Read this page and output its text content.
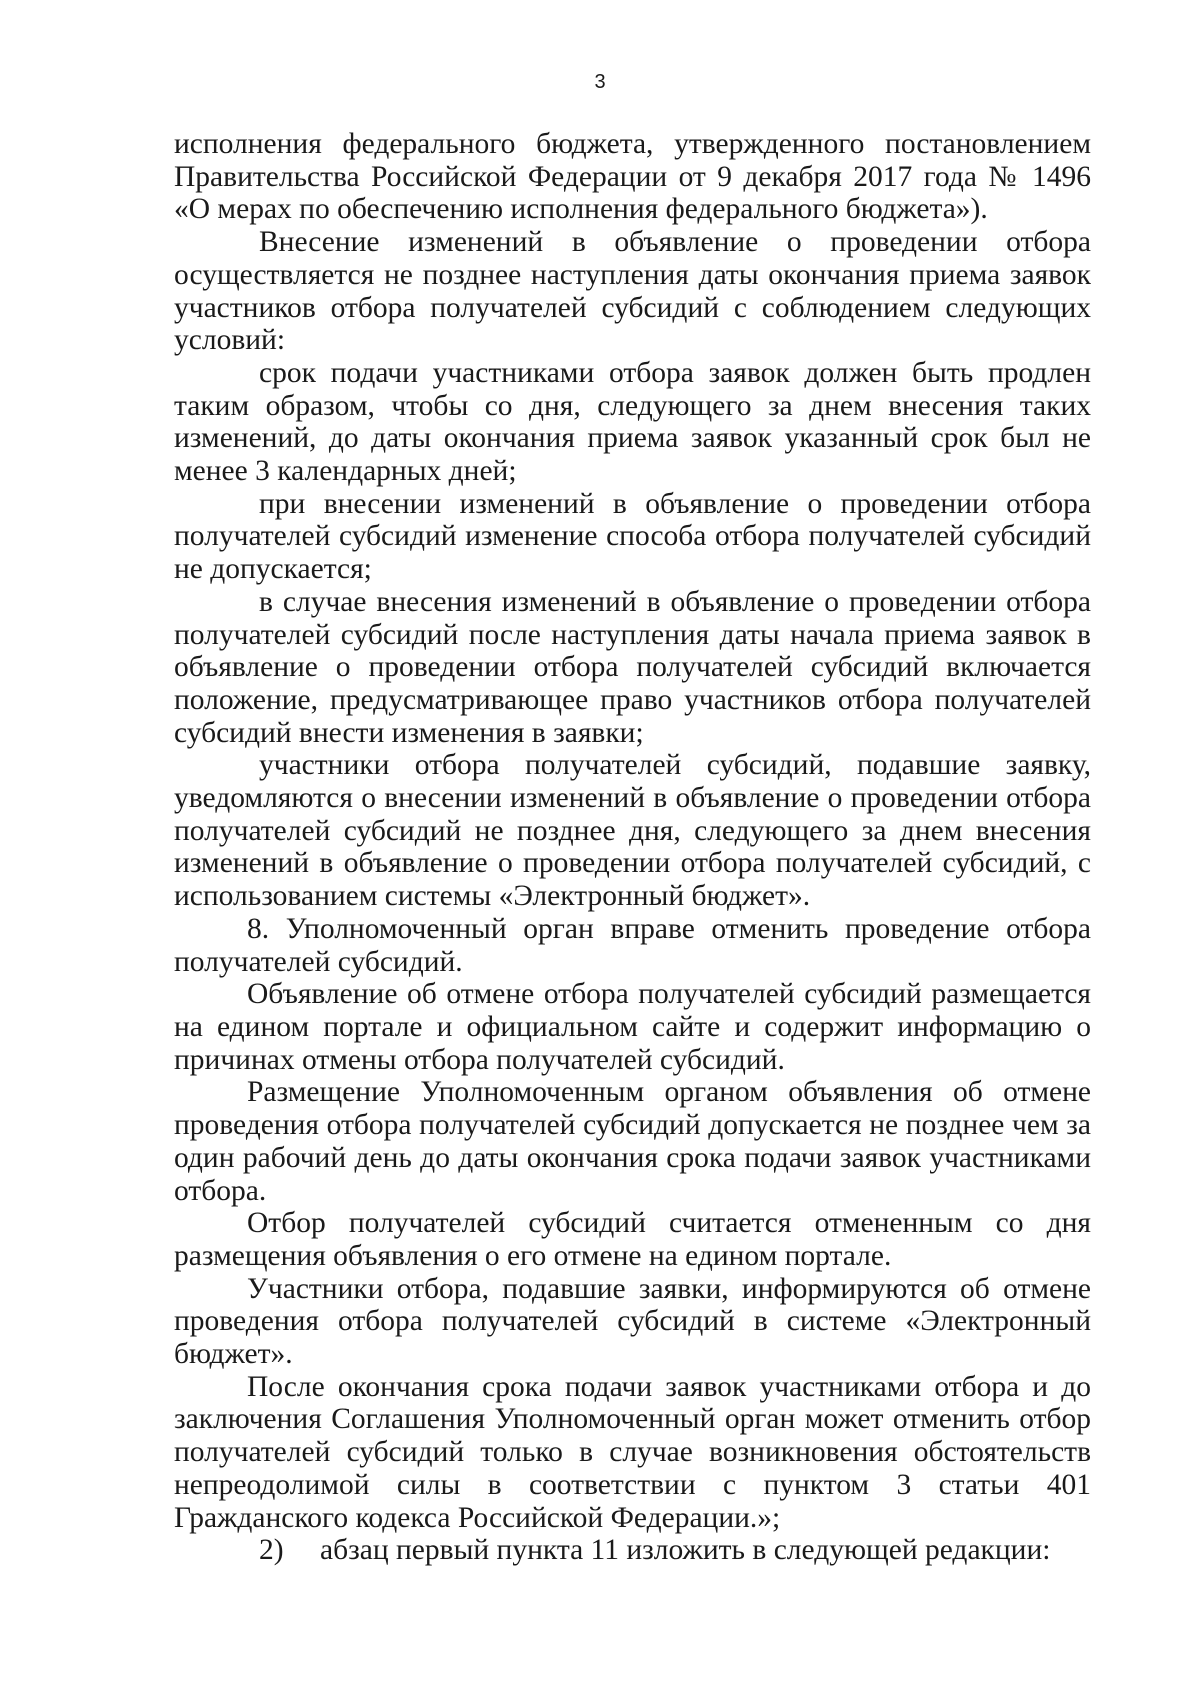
3

исполнения федерального бюджета, утвержденного постановлением Правительства Российской Федерации от 9 декабря 2017 года № 1496 «О мерах по обеспечению исполнения федерального бюджета»).

Внесение изменений в объявление о проведении отбора осуществляется не позднее наступления даты окончания приема заявок участников отбора получателей субсидий с соблюдением следующих условий:

срок подачи участниками отбора заявок должен быть продлен таким образом, чтобы со дня, следующего за днем внесения таких изменений, до даты окончания приема заявок указанный срок был не менее 3 календарных дней;

при внесении изменений в объявление о проведении отбора получателей субсидий изменение способа отбора получателей субсидий не допускается;

в случае внесения изменений в объявление о проведении отбора получателей субсидий после наступления даты начала приема заявок в объявление о проведении отбора получателей субсидий включается положение, предусматривающее право участников отбора получателей субсидий внести изменения в заявки;

участники отбора получателей субсидий, подавшие заявку, уведомляются о внесении изменений в объявление о проведении отбора получателей субсидий не позднее дня, следующего за днем внесения изменений в объявление о проведении отбора получателей субсидий, с использованием системы «Электронный бюджет».

8. Уполномоченный орган вправе отменить проведение отбора получателей субсидий.

Объявление об отмене отбора получателей субсидий размещается на едином портале и официальном сайте и содержит информацию о причинах отмены отбора получателей субсидий.

Размещение Уполномоченным органом объявления об отмене проведения отбора получателей субсидий допускается не позднее чем за один рабочий день до даты окончания срока подачи заявок участниками отбора.

Отбор получателей субсидий считается отмененным со дня размещения объявления о его отмене на едином портале.

Участники отбора, подавшие заявки, информируются об отмене проведения отбора получателей субсидий в системе «Электронный бюджет».

После окончания срока подачи заявок участниками отбора и до заключения Соглашения Уполномоченный орган может отменить отбор получателей субсидий только в случае возникновения обстоятельств непреодолимой силы в соответствии с пунктом 3 статьи 401 Гражданского кодекса Российской Федерации.»;

2)	абзац первый пункта 11 изложить в следующей редакции:
